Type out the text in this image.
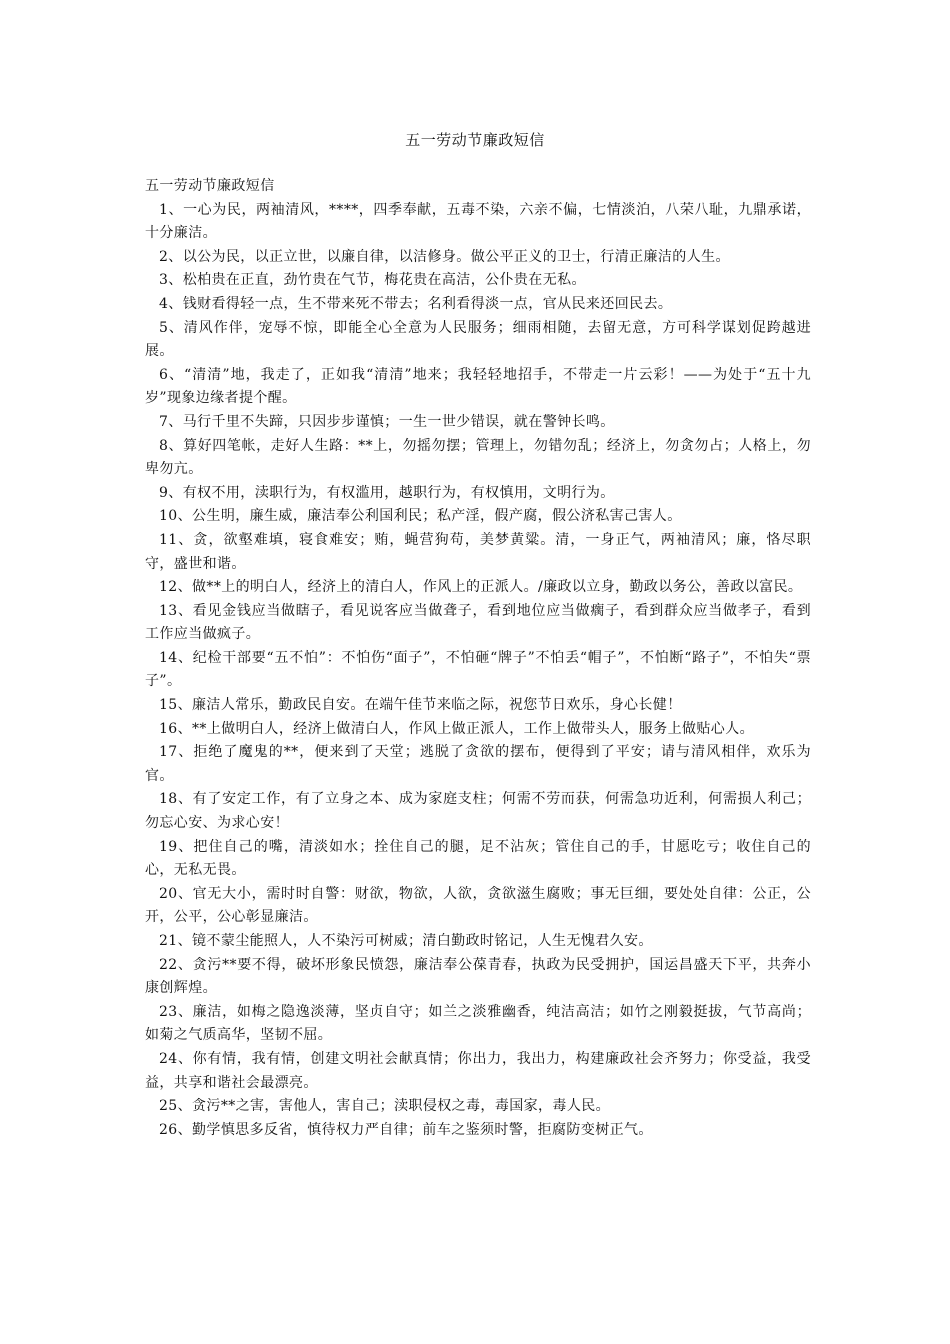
五一劳动节廉政短信

五一劳动节廉政短信

1、一心为民，两袖清风，****，四季奉献，五毒不染，六亲不偏，七情淡泊，八荣八耻，九鼎承诺，十分廉洁。

2、以公为民，以正立世，以廉自律，以洁修身。做公平正义的卫士，行清正廉洁的人生。

3、松柏贵在正直，劲竹贵在气节，梅花贵在高洁，公仆贵在无私。

4、钱财看得轻一点，生不带来死不带去；名利看得淡一点，官从民来还回民去。

5、清风作伴，宠辱不惊，即能全心全意为人民服务；细雨相随，去留无意，方可科学谋划促跨越进展。

6、“清清”地，我走了，正如我“清清”地来；我轻轻地招手，不带走一片云彩！——为处于“五十九岁”现象边缘者提个醒。

7、马行千里不失蹄，只因步步谨慎；一生一世少错误，就在警钟长鸣。

8、算好四笔帐，走好人生路：**上，勿摇勿摆；管理上，勿错勿乱；经济上，勿贪勿占；人格上，勿卑勿亢。

9、有权不用，渎职行为，有权滥用，越职行为，有权慎用，文明行为。

10、公生明，廉生威，廉洁奉公利国利民；私产淫，假产腐，假公济私害己害人。

11、贪，欲壑难填，寝食难安；贿，蝇营狗苟，美梦黄粱。清，一身正气，两袖清风；廉，恪尽职守，盛世和谐。

12、做**上的明白人，经济上的清白人，作风上的正派人。/廉政以立身，勤政以务公，善政以富民。

13、看见金钱应当做瞎子，看见说客应当做聋子，看到地位应当做瘸子，看到群众应当做孝子，看到工作应当做疯子。

14、纪检干部要“五不怕”：不怕伤“面子”，不怕砸“牌子”不怕丢“帽子”，不怕断“路子”，不怕失“票子”。

15、廉洁人常乐，勤政民自安。在端午佳节来临之际，祝您节日欢乐，身心长健！

16、**上做明白人，经济上做清白人，作风上做正派人，工作上做带头人，服务上做贴心人。

17、拒绝了魔鬼的**，便来到了天堂；逃脱了贪欲的摆布，便得到了平安；请与清风相伴，欢乐为官。

18、有了安定工作，有了立身之本、成为家庭支柱；何需不劳而获，何需急功近利，何需损人利己；勿忘心安、为求心安！

19、把住自己的嘴，清淡如水；拴住自己的腿，足不沾灰；管住自己的手，甘愿吃亏；收住自己的心，无私无畏。

20、官无大小，需时时自警：财欲，物欲，人欲，贪欲滋生腐败；事无巨细，要处处自律：公正，公开，公平，公心彰显廉洁。

21、镜不蒙尘能照人，人不染污可树威；清白勤政时铭记，人生无愧君久安。

22、贪污**要不得，破坏形象民愤怨，廉洁奉公葆青春，执政为民受拥护，国运昌盛天下平，共奔小康创辉煌。

23、廉洁，如梅之隐逸淡薄，坚贞自守；如兰之淡雅幽香，纯洁高洁；如竹之刚毅挺拔，气节高尚；如菊之气质高华，坚韧不屈。

24、你有情，我有情，创建文明社会献真情；你出力，我出力，构建廉政社会齐努力；你受益，我受益，共享和谐社会最漂亮。

25、贪污**之害，害他人，害自己；渎职侵权之毒，毒国家，毒人民。

26、勤学慎思多反省，慎待权力严自律；前车之鉴须时警，拒腐防变树正气。
